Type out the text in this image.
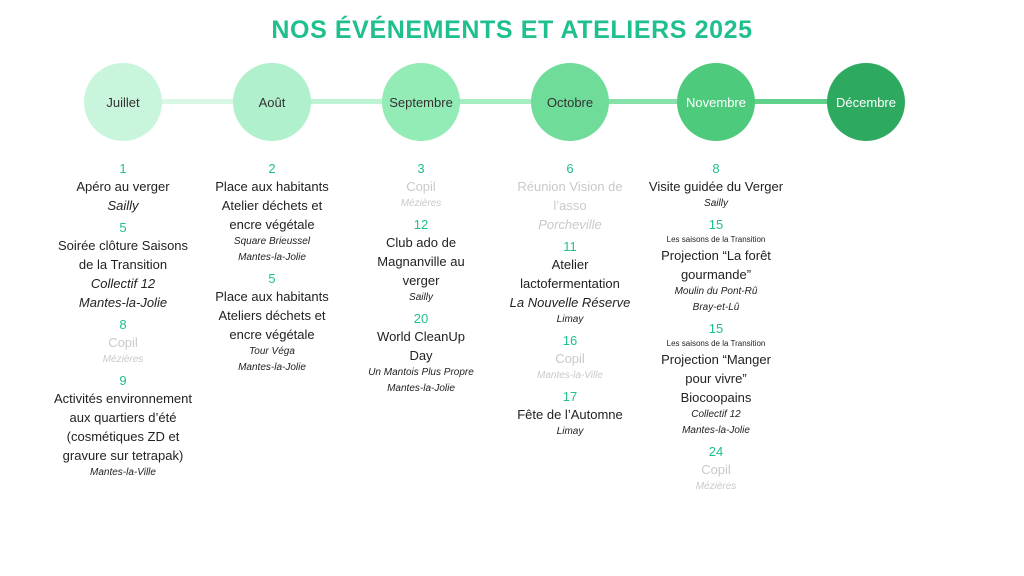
NOS ÉVÉNEMENTS ET ATELIERS 2025
Juillet	Août	Septembre	Octobre	Novembre	Décembre
1
Apéro au verger
Sailly
5
Soirée clôture Saisons
de la Transition
Collectif 12
Mantes-la-Jolie
8
Copil
Mézières
9
Activités environnement
aux quartiers d’été
(cosmétiques ZD et
gravure sur tetrapak)
Mantes-la-Ville
2
Place aux habitants
Atelier déchets et
encre végétale
Square Brieussel
Mantes-la-Jolie
5
Place aux habitants
Ateliers déchets et
encre végétale
Tour Véga
Mantes-la-Jolie
3
Copil
Mézières
12
Club ado de
Magnanville au
verger
Sailly
20
World CleanUp
Day
Un Mantois Plus Propre
Mantes-la-Jolie
6
Réunion Vision de
l’asso
Porcheville
11
Atelier
lactofermentation
La Nouvelle Réserve
Limay
16
Copil
Mantes-la-Ville
17
Fête de l’Automne
Limay
8
Visite guidée du Verger
Sailly
15
Les saisons de la Transition
Projection “La forêt
gourmande”
Moulin du Pont-Rû
Bray-et-Lû
15
Les saisons de la Transition
Projection “Manger
pour vivre”
Biocoopains
Collectif 12
Mantes-la-Jolie
24
Copil
Mézières
